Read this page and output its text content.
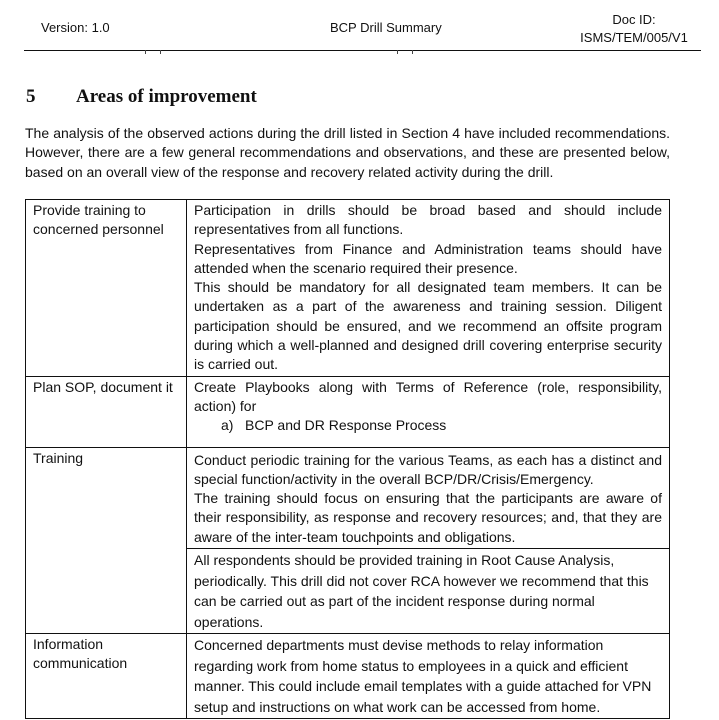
Version: 1.0	BCP Drill Summary
Doc ID:
ISMS/TEM/005/V1
5 Areas of improvement

The analysis of the observed actions during the drill listed in Section 4 have included recommendations. However, there are a few general recommendations and observations, and these are presented below, based on an overall view of the response and recovery related activity during the drill.

Provide training to concerned personnel	Participation in drills should be broad based and should include representatives from all functions.

Representatives from Finance and Administration teams should have attended when the scenario required their presence.

This should be mandatory for all designated team members. It can be undertaken as a part of the awareness and training session. Diligent participation should be ensured, and we recommend an offsite program during which a well-planned and designed drill covering enterprise security is carried out.

Plan SOP, document it	Create Playbooks along with Terms of Reference (role, responsibility, action) for

a) BCP and DR Response Process

Training	Conduct periodic training for the various Teams, as each has a distinct and special function/activity in the overall BCP/DR/Crisis/Emergency.

The training should focus on ensuring that the participants are aware of their responsibility, as response and recovery resources; and, that they are aware of the inter-team touchpoints and obligations.

	All respondents should be provided training in Root Cause Analysis, periodically. This drill did not cover RCA however we recommend that this can be carried out as part of the incident response during normal operations.

Information communication	Concerned departments must devise methods to relay information regarding work from home status to employees in a quick and efficient manner. This could include email templates with a guide attached for VPN setup and instructions on what work can be accessed from home.
